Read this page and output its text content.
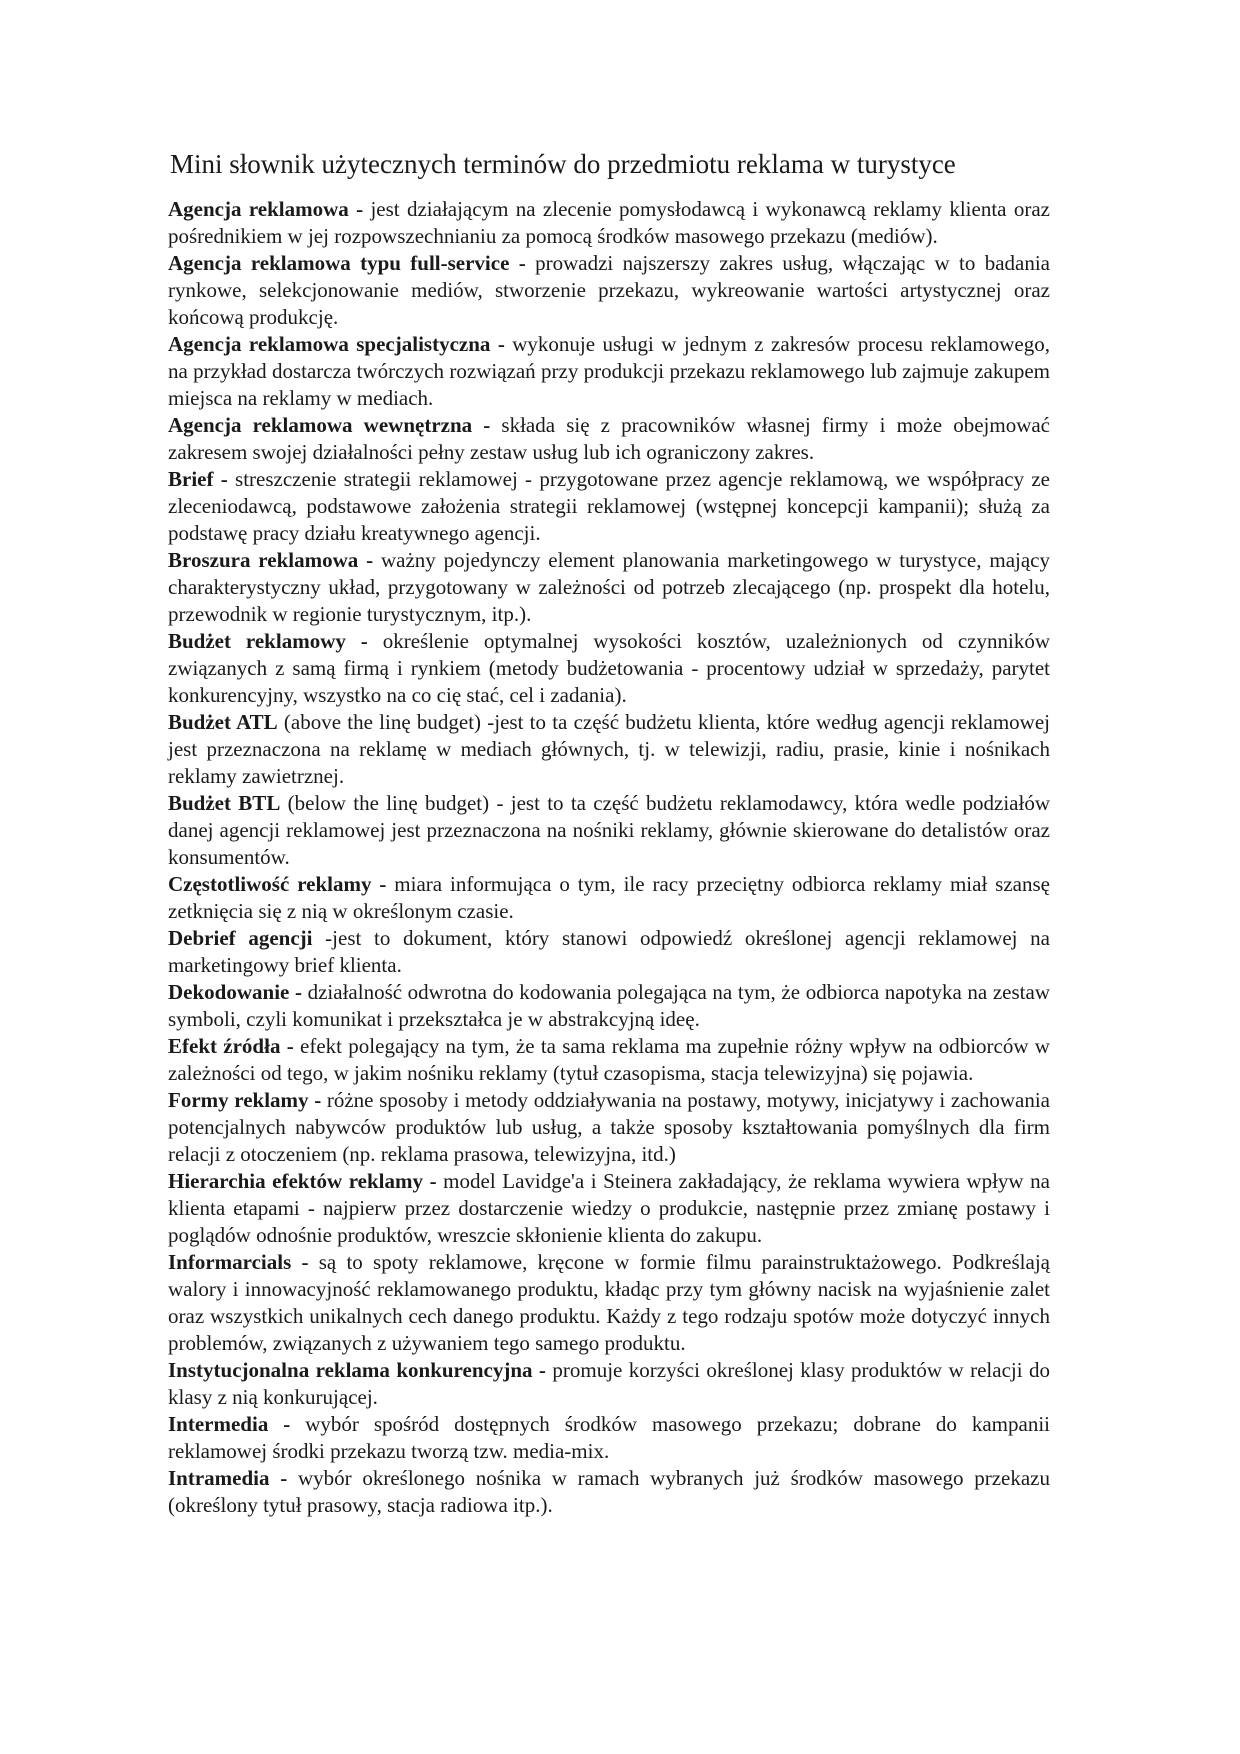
Mini słownik użytecznych terminów do przedmiotu reklama w turystyce

Agencja reklamowa - jest działającym na zlecenie pomysłodawcą i wykonawcą reklamy klienta oraz pośrednikiem w jej rozpowszechnianiu za pomocą środków masowego przekazu (mediów).

Agencja reklamowa typu full-service - prowadzi najszerszy zakres usług, włączając w to badania rynkowe, selekcjonowanie mediów, stworzenie przekazu, wykreowanie wartości artystycznej oraz końcową produkcję.

Agencja reklamowa specjalistyczna - wykonuje usługi w jednym z zakresów procesu reklamowego, na przykład dostarcza twórczych rozwiązań przy produkcji przekazu reklamowego lub zajmuje zakupem miejsca na reklamy w mediach.

Agencja reklamowa wewnętrzna - składa się z pracowników własnej firmy i może obejmować zakresem swojej działalności pełny zestaw usług lub ich ograniczony zakres.

Brief - streszczenie strategii reklamowej - przygotowane przez agencje reklamową, we współpracy ze zleceniodawcą, podstawowe założenia strategii reklamowej (wstępnej koncepcji kampanii); służą za podstawę pracy działu kreatywnego agencji.

Broszura reklamowa - ważny pojedynczy element planowania marketingowego w turystyce, mający charakterystyczny układ, przygotowany w zależności od potrzeb zlecającego (np. prospekt dla hotelu, przewodnik w regionie turystycznym, itp.).

Budżet reklamowy - określenie optymalnej wysokości kosztów, uzależnionych od czynników związanych z samą firmą i rynkiem (metody budżetowania - procentowy udział w sprzedaży, parytet konkurencyjny, wszystko na co cię stać, cel i zadania).

Budżet ATL (above the linę budget) -jest to ta część budżetu klienta, które według agencji reklamowej jest przeznaczona na reklamę w mediach głównych, tj. w telewizji, radiu, prasie, kinie i nośnikach reklamy zawietrznej.

Budżet BTL (below the linę budget) - jest to ta część budżetu reklamodawcy, która wedle podziałów danej agencji reklamowej jest przeznaczona na nośniki reklamy, głównie skierowane do detalistów oraz konsumentów.

Częstotliwość reklamy - miara informująca o tym, ile racy przeciętny odbiorca reklamy miał szansę zetknięcia się z nią w określonym czasie.

Debrief agencji -jest to dokument, który stanowi odpowiedź określonej agencji reklamowej na marketingowy brief klienta.

Dekodowanie - działalność odwrotna do kodowania polegająca na tym, że odbiorca napotyka na zestaw symboli, czyli komunikat i przekształca je w abstrakcyjną ideę.

Efekt źródła - efekt polegający na tym, że ta sama reklama ma zupełnie różny wpływ na odbiorców w zależności od tego, w jakim nośniku reklamy (tytuł czasopisma, stacja telewizyjna) się pojawia.

Formy reklamy - różne sposoby i metody oddziaływania na postawy, motywy, inicjatywy i zachowania potencjalnych nabywców produktów lub usług, a także sposoby kształtowania pomyślnych dla firm relacji z otoczeniem (np. reklama prasowa, telewizyjna, itd.)

Hierarchia efektów reklamy - model Lavidge'a i Steinera zakładający, że reklama wywiera wpływ na klienta etapami - najpierw przez dostarczenie wiedzy o produkcie, następnie przez zmianę postawy i poglądów odnośnie produktów, wreszcie skłonienie klienta do zakupu.

Informarcials - są to spoty reklamowe, kręcone w formie filmu parainstruktażowego. Podkreślają walory i innowacyjność reklamowanego produktu, kładąc przy tym główny nacisk na wyjaśnienie zalet oraz wszystkich unikalnych cech danego produktu. Każdy z tego rodzaju spotów może dotyczyć innych problemów, związanych z używaniem tego samego produktu.

Instytucjonalna reklama konkurencyjna - promuje korzyści określonej klasy produktów w relacji do klasy z nią konkurującej.

Intermedia - wybór spośród dostępnych środków masowego przekazu; dobrane do kampanii reklamowej środki przekazu tworzą tzw. media-mix.

Intramedia - wybór określonego nośnika w ramach wybranych już środków masowego przekazu (określony tytuł prasowy, stacja radiowa itp.).
